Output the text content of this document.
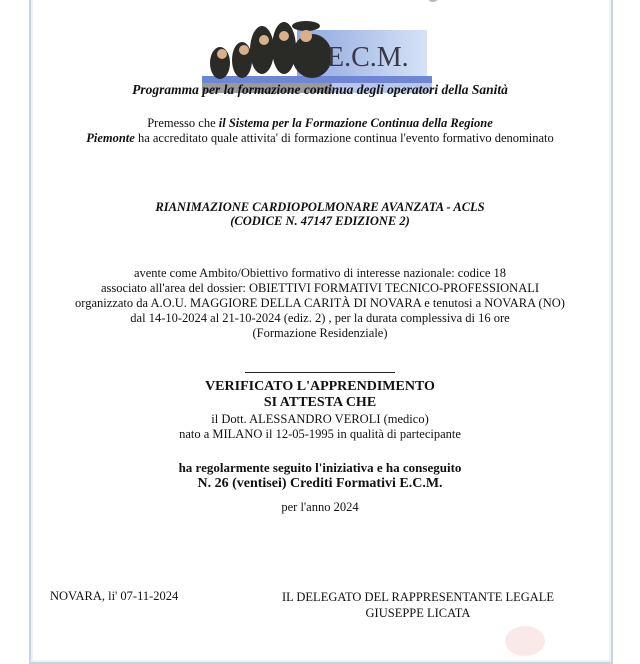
E.C.M.
Programma per la formazione continua degli operatori della Sanità
Premesso che il Sistema per la Formazione Continua della Regione
Piemonte ha accreditato quale attivita' di formazione continua l'evento formativo denominato
RIANIMAZIONE CARDIOPOLMONARE AVANZATA - ACLS
(CODICE N. 47147 EDIZIONE 2)
avente come Ambito/Obiettivo formativo di interesse nazionale: codice 18
associato all'area del dossier: OBIETTIVI FORMATIVI TECNICO-PROFESSIONALI
organizzato da A.O.U. MAGGIORE DELLA CARITÀ DI NOVARA e tenutosi a NOVARA (NO)
dal 14-10-2024 al 21-10-2024 (ediz. 2) , per la durata complessiva di 16 ore
(Formazione Residenziale)
VERIFICATO L'APPRENDIMENTO
SI ATTESTA CHE
il Dott. ALESSANDRO VEROLI (medico)
nato a MILANO il 12-05-1995 in qualità di partecipante
ha regolarmente seguito l'iniziativa e ha conseguito
N. 26 (ventisei) Crediti Formativi E.C.M.
per l'anno 2024
NOVARA, li' 07-11-2024	IL DELEGATO DEL RAPPRESENTANTE LEGALE
GIUSEPPE LICATA
